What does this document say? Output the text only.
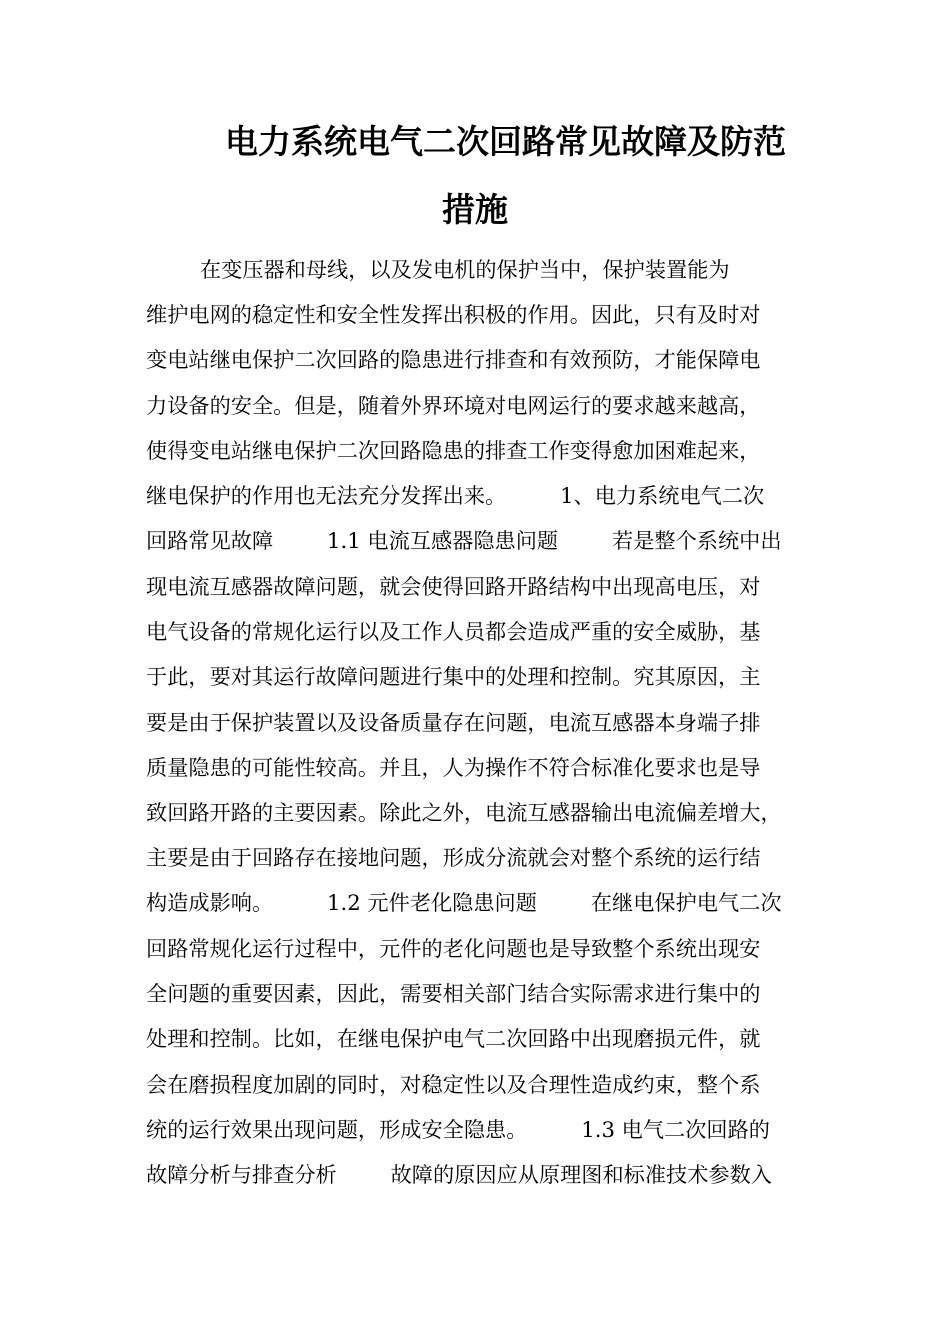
电力系统电气二次回路常见故障及防范
措施

在变压器和母线，以及发电机的保护当中，保护装置能为

维护电网的稳定性和安全性发挥出积极的作用。因此，只有及时对

变电站继电保护二次回路的隐患进行排查和有效预防，才能保障电

力设备的安全。但是，随着外界环境对电网运行的要求越来越高，

使得变电站继电保护二次回路隐患的排查工作变得愈加困难起来，

继电保护的作用也无法充分发挥出来。        1、电力系统电气二次

回路常见故障        1.1 电流互感器隐患问题        若是整个系统中出

现电流互感器故障问题，就会使得回路开路结构中出现高电压，对

电气设备的常规化运行以及工作人员都会造成严重的安全威胁，基

于此，要对其运行故障问题进行集中的处理和控制。究其原因，主

要是由于保护装置以及设备质量存在问题，电流互感器本身端子排

质量隐患的可能性较高。并且，人为操作不符合标准化要求也是导

致回路开路的主要因素。除此之外，电流互感器输出电流偏差增大，

主要是由于回路存在接地问题，形成分流就会对整个系统的运行结

构造成影响。        1.2 元件老化隐患问题        在继电保护电气二次

回路常规化运行过程中，元件的老化问题也是导致整个系统出现安

全问题的重要因素，因此，需要相关部门结合实际需求进行集中的

处理和控制。比如，在继电保护电气二次回路中出现磨损元件，就

会在磨损程度加剧的同时，对稳定性以及合理性造成约束，整个系

统的运行效果出现问题，形成安全隐患。        1.3 电气二次回路的

故障分析与排查分析        故障的原因应从原理图和标准技术参数入
